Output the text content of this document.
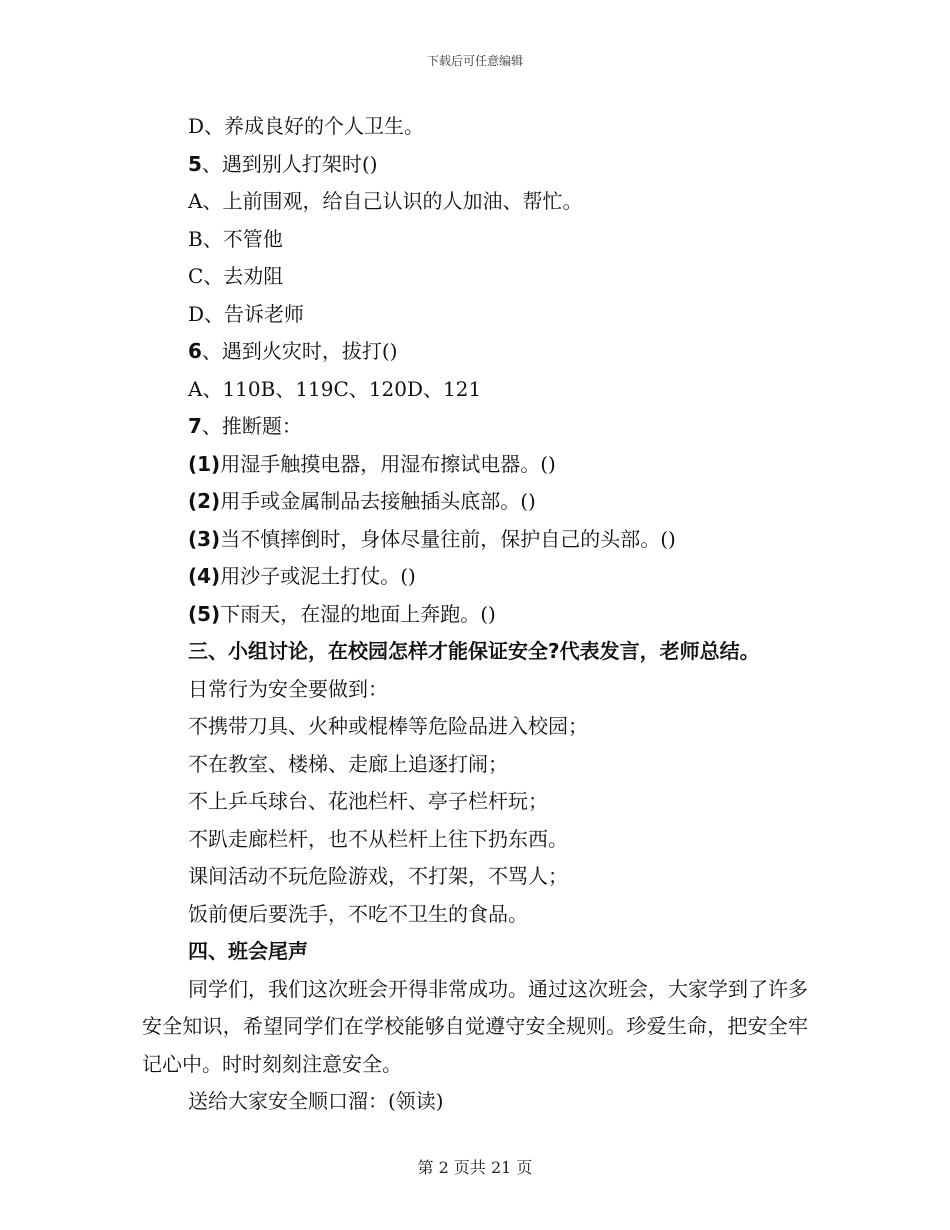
下载后可任意编辑
D、养成良好的个人卫生。
5、遇到别人打架时()
A、上前围观，给自己认识的人加油、帮忙。
B、不管他
C、去劝阻
D、告诉老师
6、遇到火灾时，拔打()
A、110B、119C、120D、121
7、推断题：
(1)用湿手触摸电器，用湿布擦试电器。()
(2)用手或金属制品去接触插头底部。()
(3)当不慎摔倒时，身体尽量往前，保护自己的头部。()
(4)用沙子或泥土打仗。()
(5)下雨天，在湿的地面上奔跑。()
三、小组讨论，在校园怎样才能保证安全?代表发言，老师总结。
日常行为安全要做到：
不携带刀具、火种或棍棒等危险品进入校园；
不在教室、楼梯、走廊上追逐打闹；
不上乒乓球台、花池栏杆、亭子栏杆玩；
不趴走廊栏杆，也不从栏杆上往下扔东西。
课间活动不玩危险游戏，不打架，不骂人；
饭前便后要洗手，不吃不卫生的食品。
四、班会尾声
同学们，我们这次班会开得非常成功。通过这次班会，大家学到了许多安全知识，希望同学们在学校能够自觉遵守安全规则。珍爱生命，把安全牢记心中。时时刻刻注意安全。
送给大家安全顺口溜：(领读)
第 2 页共 21 页
